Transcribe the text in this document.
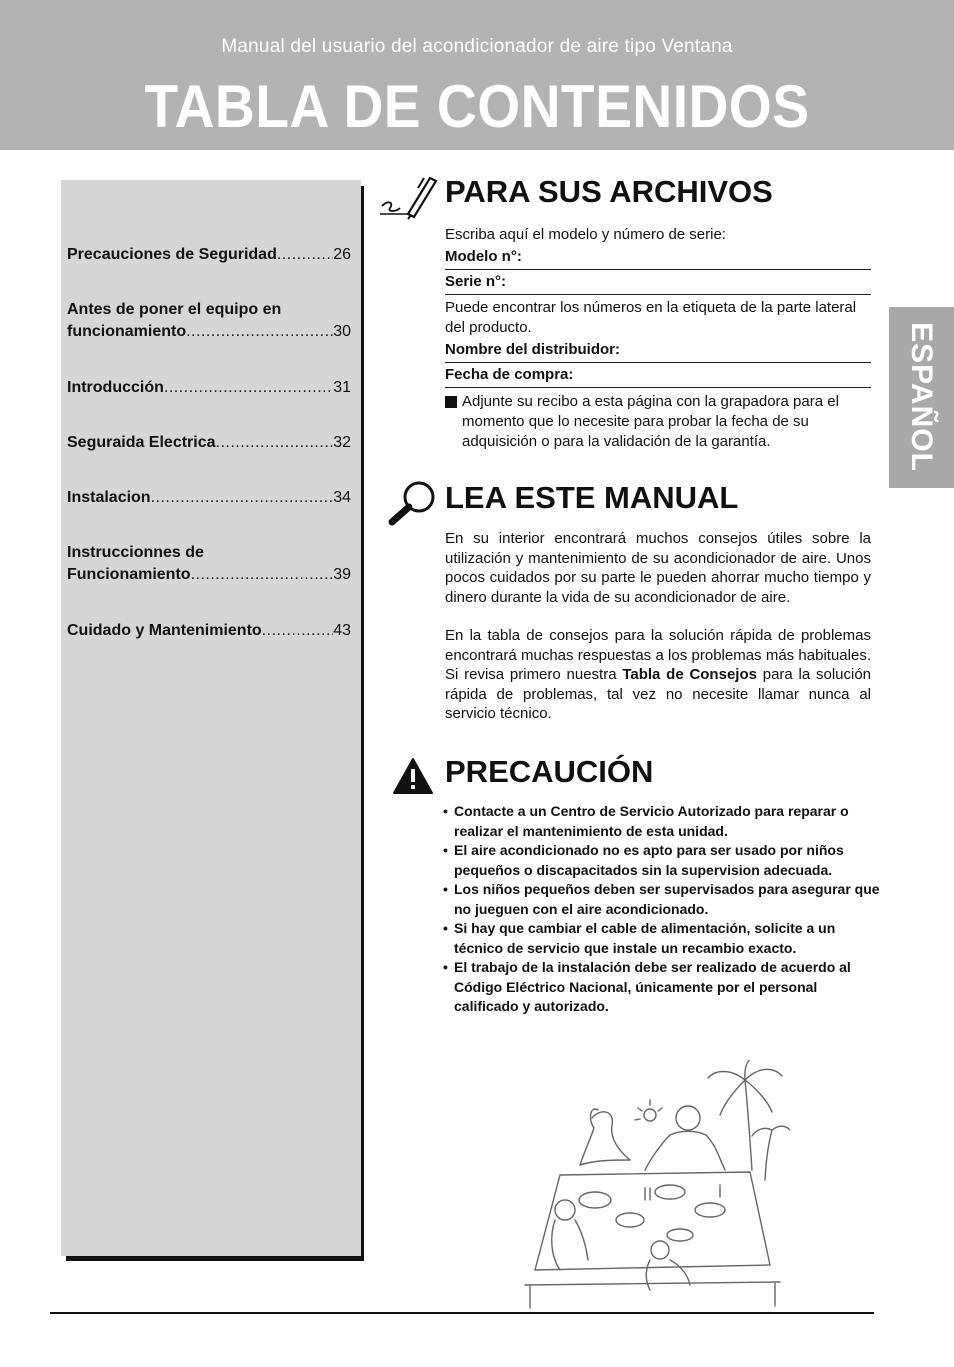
Manual del usuario del acondicionador de aire tipo Ventana
TABLA DE CONTENIDOS
Precauciones de Seguridad .....	26
Antes de poner el equipo en
funcionamiento .....	30
Introducción .....	31
Seguraida Electrica .....	32
Instalacion .....	34
Instruccionnes de
Funcionamiento .....	39
Cuidado y Mantenimiento .....	43
ESPAÑOL
PARA SUS ARCHIVOS
Escriba aquí el modelo y número de serie:
Modelo n°:
Serie n°:
Puede encontrar los números en la etiqueta de la parte lateral del producto.
Nombre del distribuidor:
Fecha de compra:
Adjunte su recibo a esta página con la grapadora para el momento que lo necesite para probar la fecha de su adquisición o para la validación de la garantía.
LEA ESTE MANUAL
En su interior encontrará muchos consejos útiles sobre la utilización y mantenimiento de su acondicionador de aire. Unos pocos cuidados por su parte le pueden ahorrar mucho tiempo y dinero durante la vida de su acondicionador de aire.
En la tabla de consejos para la solución rápida de problemas encontrará muchas respuestas a los problemas más habituales. Si revisa primero nuestra Tabla de Consejos para la solución rápida de problemas, tal vez no necesite llamar nunca al servicio técnico.
PRECAUCIÓN
• Contacte a un Centro de Servicio Autorizado para reparar o realizar el mantenimiento de esta unidad.
• El aire acondicionado no es apto para ser usado por niños pequeños o discapacitados sin la supervision adecuada.
• Los niños pequeños deben ser supervisados para asegurar que no jueguen con el aire acondicionado.
• Si hay que cambiar el cable de alimentación, solicite a un técnico de servicio que instale un recambio exacto.
• El trabajo de la instalación debe ser realizado de acuerdo al Código Eléctrico Nacional, únicamente por el personal calificado y autorizado.
